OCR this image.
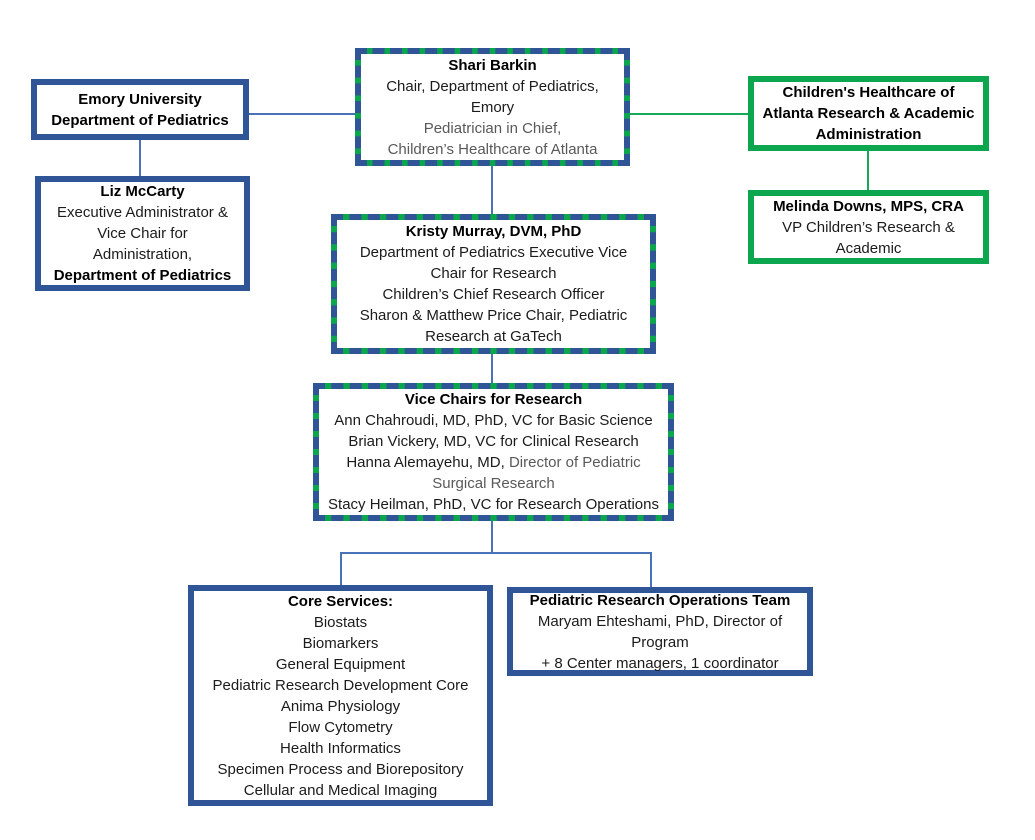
Emory University
Department of Pediatrics
Shari Barkin
Chair, Department of Pediatrics,
Emory
Pediatrician in Chief,
Children’s Healthcare of Atlanta
Children's Healthcare of
Atlanta Research & Academic
Administration
Liz McCarty
Executive Administrator &
Vice Chair for
Administration,
Department of Pediatrics
Melinda Downs, MPS, CRA
VP Children’s Research &
Academic
Kristy Murray, DVM, PhD
Department of Pediatrics Executive Vice
Chair for Research
Children’s Chief Research Officer
Sharon & Matthew Price Chair, Pediatric
Research at GaTech
Vice Chairs for Research
Ann Chahroudi, MD, PhD, VC for Basic Science
Brian Vickery, MD, VC for Clinical Research
Hanna Alemayehu, MD, Director of Pediatric
Surgical Research
Stacy Heilman, PhD, VC for Research Operations
Core Services:
Biostats
Biomarkers
General Equipment
Pediatric Research Development Core
Anima Physiology
Flow Cytometry
Health Informatics
Specimen Process and Biorepository
Cellular and Medical Imaging
Pediatric Research Operations Team
Maryam Ehteshami, PhD, Director of
Program
+ 8 Center managers, 1 coordinator
